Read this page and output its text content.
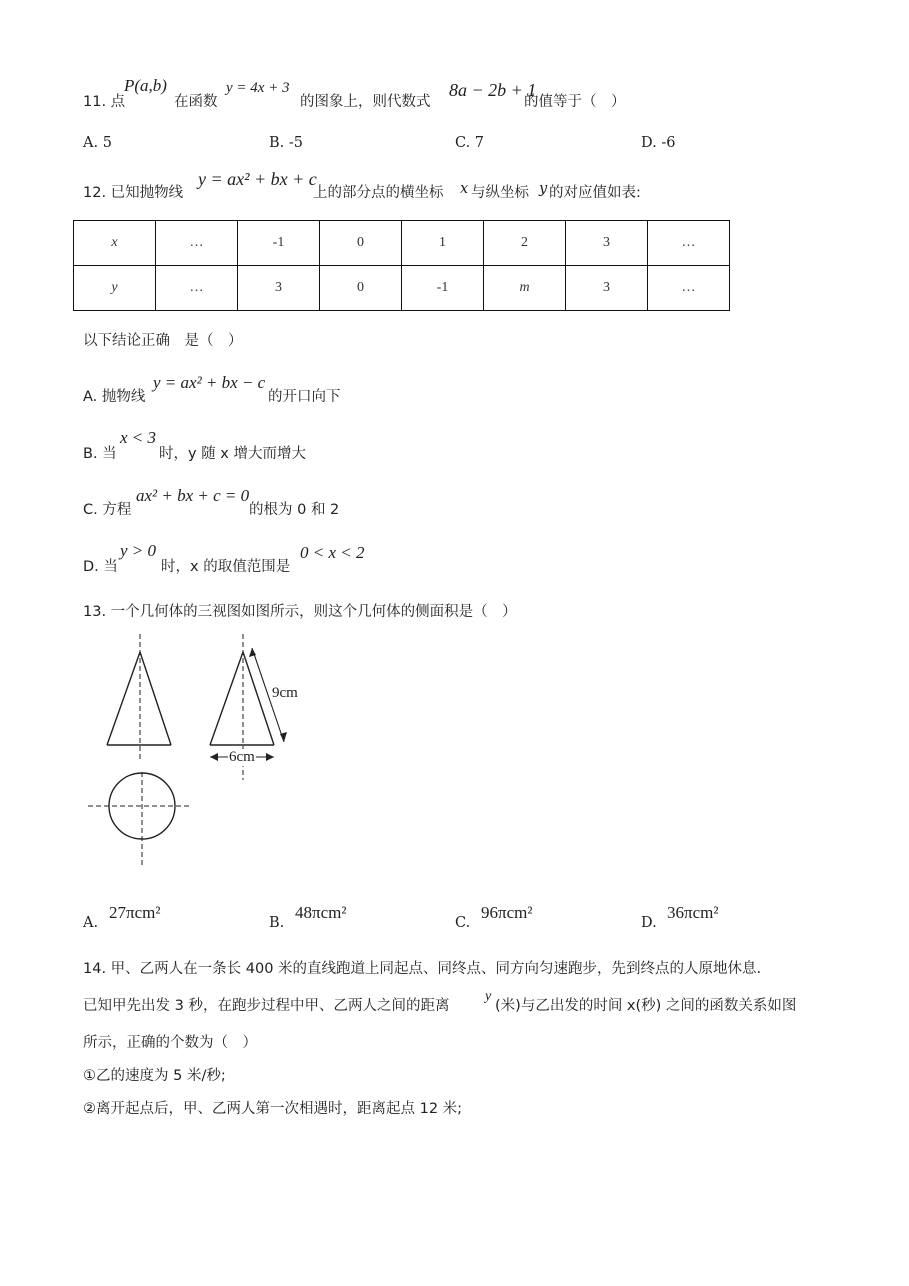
11. 点
P(a,b)
在函数
y = 4x + 3
的图象上，则代数式
8a − 2b + 1
的值等于（　）
A. 5	B. -5	C. 7	D. -6
12. 已知抛物线
y = ax² + bx + c
上的部分点的横坐标 x 与纵坐标 y 的对应值如表:
x	…	-1	0	1	2	3	…
y	…	3	0	-1	m	3	…
以下结论正确　是（　）
A. 抛物线
y = ax² + bx − c
的开口向下
B. 当
x < 3
时，y 随 x 增大而增大
C. 方程
ax² + bx + c = 0
的根为 0 和 2
D. 当
y > 0
时，x 的取值范围是
0 < x < 2
13. 一个几何体的三视图如图所示，则这个几何体的侧面积是（　）
9cm
6cm
A.
27πcm²
B.
48πcm²
C.
96πcm²
D.
36πcm²
14. 甲、乙两人在一条长 400 米的直线跑道上同起点、同终点、同方向匀速跑步，先到终点的人原地休息.
已知甲先出发 3 秒，在跑步过程中甲、乙两人之间的距离
y
(米)与乙出发的时间 x(秒) 之间的函数关系如图
所示，正确的个数为（　）
①乙的速度为 5 米/秒;
②离开起点后，甲、乙两人第一次相遇时，距离起点 12 米;
